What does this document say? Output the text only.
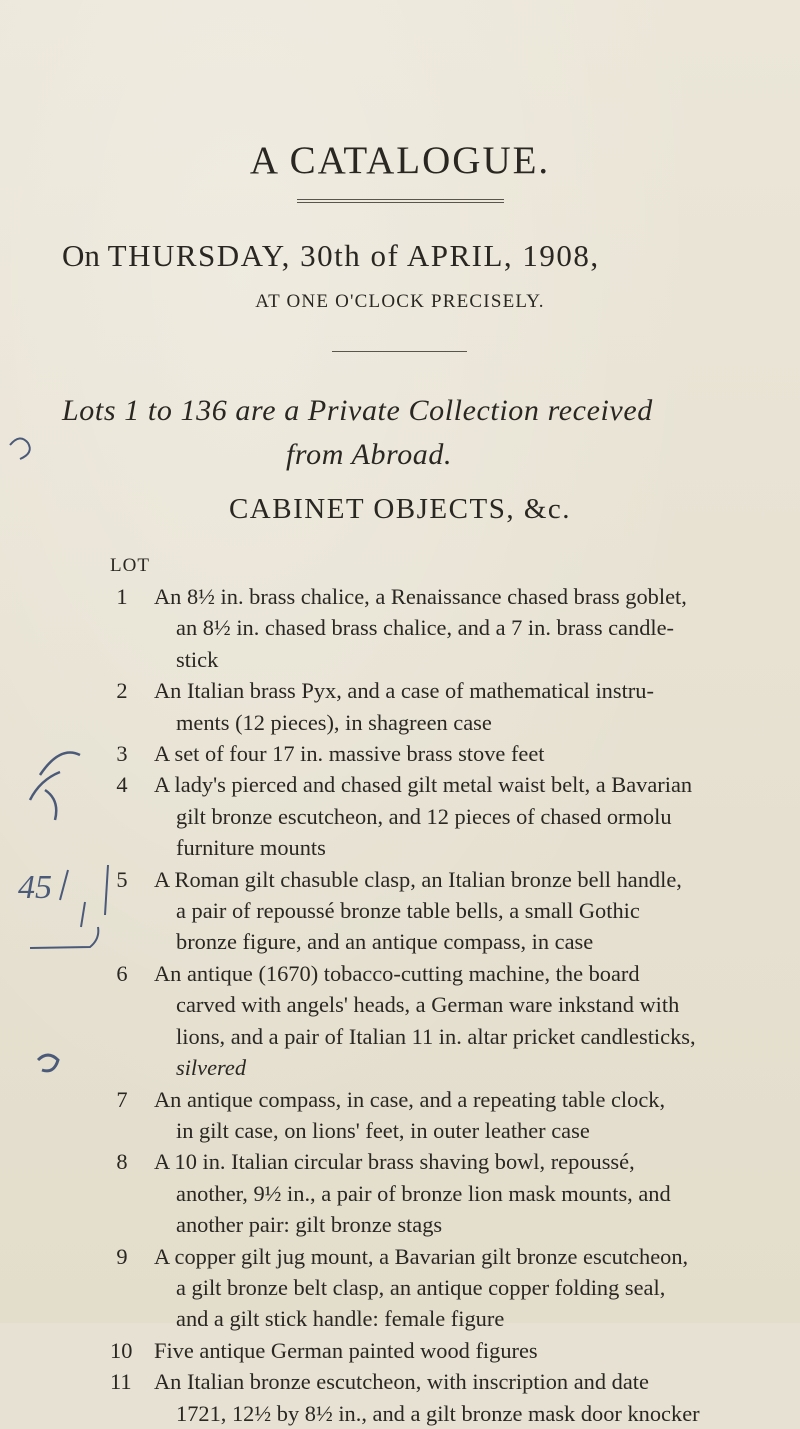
A CATALOGUE.
On THURSDAY, 30th of APRIL, 1908,
AT ONE O'CLOCK PRECISELY.
Lots 1 to 136 are a Private Collection received
from Abroad.
CABINET OBJECTS, &c.
LOT
1 An 8½ in. brass chalice, a Renaissance chased brass goblet,
an 8½ in. chased brass chalice, and a 7 in. brass candle-
stick
2 An Italian brass Pyx, and a case of mathematical instru-
ments (12 pieces), in shagreen case
3 A set of four 17 in. massive brass stove feet
4 A lady's pierced and chased gilt metal waist belt, a Bavarian
gilt bronze escutcheon, and 12 pieces of chased ormolu
furniture mounts
5 A Roman gilt chasuble clasp, an Italian bronze bell handle,
a pair of repoussé bronze table bells, a small Gothic
bronze figure, and an antique compass, in case
6 An antique (1670) tobacco-cutting machine, the board
carved with angels' heads, a German ware inkstand with
lions, and a pair of Italian 11 in. altar pricket candlesticks,
silvered
7 An antique compass, in case, and a repeating table clock,
in gilt case, on lions' feet, in outer leather case
8 A 10 in. Italian circular brass shaving bowl, repoussé,
another, 9½ in., a pair of bronze lion mask mounts, and
another pair: gilt bronze stags
9 A copper gilt jug mount, a Bavarian gilt bronze escutcheon,
a gilt bronze belt clasp, an antique copper folding seal,
and a gilt stick handle: female figure
10 Five antique German painted wood figures
11	An Italian bronze escutcheon, with inscription and date
1721, 12½ by 8½ in., and a gilt bronze mask door knocker
45
